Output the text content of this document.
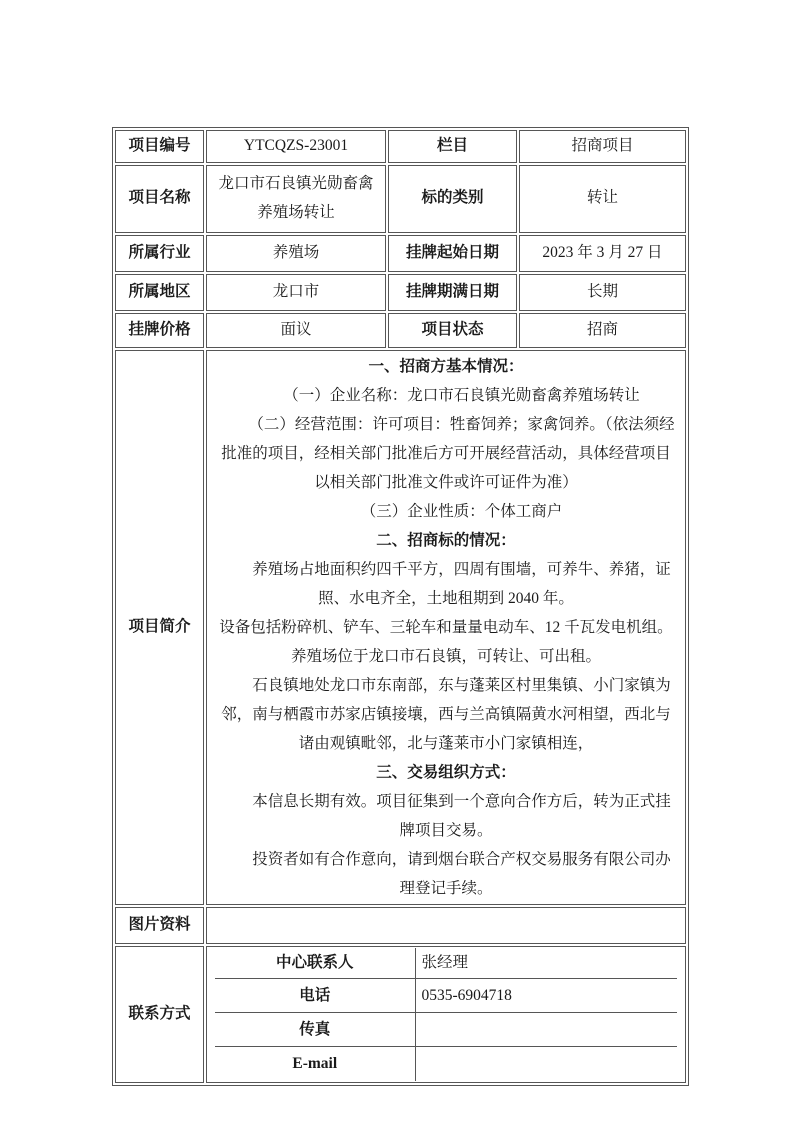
项目编号	YTCQZS-23001	栏目	招商项目
项目名称	龙口市石良镇光勋畜禽养殖场转让	标的类别	转让
所属行业	养殖场	挂牌起始日期	2023 年 3 月 27 日
所属地区	龙口市	挂牌期满日期	长期
挂牌价格	面议	项目状态	招商
项目简介	

一、招商方基本情况：

（一）企业名称：龙口市石良镇光勋畜禽养殖场转让

（二）经营范围：许可项目：牲畜饲养；家禽饲养。（依法须经批准的项目，经相关部门批准后方可开展经营活动，具体经营项目以相关部门批准文件或许可证件为准）

（三）企业性质：个体工商户

二、招商标的情况：

养殖场占地面积约四千平方，四周有围墙，可养牛、养猪，证照、水电齐全，土地租期到 2040 年。

设备包括粉碎机、铲车、三轮车和量量电动车、12 千瓦发电机组。

养殖场位于龙口市石良镇，可转让、可出租。

石良镇地处龙口市东南部，东与蓬莱区村里集镇、小门家镇为邻，南与栖霞市苏家店镇接壤，西与兰高镇隔黄水河相望，西北与诸由观镇毗邻，北与蓬莱市小门家镇相连，

三、交易组织方式：

本信息长期有效。项目征集到一个意向合作方后，转为正式挂牌项目交易。

投资者如有合作意向，请到烟台联合产权交易服务有限公司办理登记手续。

图片资料	
联系方式	
中心联系人	张经理
电话	0535-6904718
传真	
E-mail	
